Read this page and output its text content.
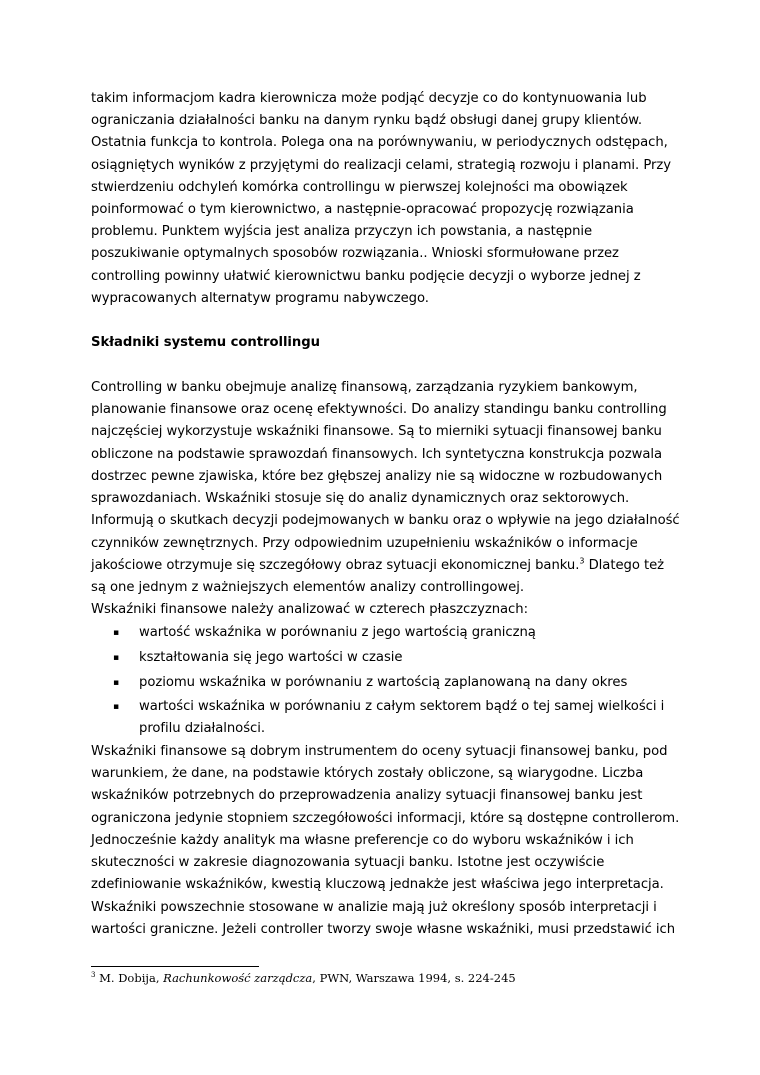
takim informacjom kadra kierownicza może podjąć decyzje co do kontynuowania lub
ograniczania działalności banku na danym rynku bądź obsługi danej grupy klientów.
Ostatnia funkcja to kontrola. Polega ona na porównywaniu, w periodycznych odstępach,
osiągniętych wyników z przyjętymi do realizacji celami, strategią rozwoju i planami. Przy
stwierdzeniu odchyleń komórka controllingu w pierwszej kolejności ma obowiązek
poinformować o tym kierownictwo, a następnie-opracować propozycję rozwiązania
problemu. Punktem wyjścia jest analiza przyczyn ich powstania, a następnie
poszukiwanie optymalnych sposobów rozwiązania.. Wnioski sformułowane przez
controlling powinny ułatwić kierownictwu banku podjęcie decyzji o wyborze jednej z
wypracowanych alternatyw programu nabywczego.
Składniki systemu controllingu
Controlling w banku obejmuje analizę finansową, zarządzania ryzykiem bankowym,
planowanie finansowe oraz ocenę efektywności. Do analizy standingu banku controlling
najczęściej wykorzystuje wskaźniki finansowe. Są to mierniki sytuacji finansowej banku
obliczone na podstawie sprawozdań finansowych. Ich syntetyczna konstrukcja pozwala
dostrzec pewne zjawiska, które bez głębszej analizy nie są widoczne w rozbudowanych
sprawozdaniach. Wskaźniki stosuje się do analiz dynamicznych oraz sektorowych.
Informują o skutkach decyzji podejmowanych w banku oraz o wpływie na jego działalność
czynników zewnętrznych. Przy odpowiednim uzupełnieniu wskaźników o informacje
jakościowe otrzymuje się szczegółowy obraz sytuacji ekonomicznej banku.$^3$ Dlatego też
są one jednym z ważniejszych elementów analizy controllingowej.
Wskaźniki finansowe należy analizować w czterech płaszczyznach:
▪ wartość wskaźnika w porównaniu z jego wartością graniczną
▪ kształtowania się jego wartości w czasie
▪ poziomu wskaźnika w porównaniu z wartością zaplanowaną na dany okres
▪ wartości wskaźnika w porównaniu z całym sektorem bądź o tej samej wielkości i
profilu działalności.
Wskaźniki finansowe są dobrym instrumentem do oceny sytuacji finansowej banku, pod
warunkiem, że dane, na podstawie których zostały obliczone, są wiarygodne. Liczba
wskaźników potrzebnych do przeprowadzenia analizy sytuacji finansowej banku jest
ograniczona jedynie stopniem szczegółowości informacji, które są dostępne controllerom.
Jednocześnie każdy analityk ma własne preferencje co do wyboru wskaźników i ich
skuteczności w zakresie diagnozowania sytuacji banku. Istotne jest oczywiście
zdefiniowanie wskaźników, kwestią kluczową jednakże jest właściwa jego interpretacja.
Wskaźniki powszechnie stosowane w analizie mają już określony sposób interpretacji i
wartości graniczne. Jeżeli controller tworzy swoje własne wskaźniki, musi przedstawić ich
$^3$ M. Dobija, Rachunkowość zarządcza, PWN, Warszawa 1994, s. 224-245
